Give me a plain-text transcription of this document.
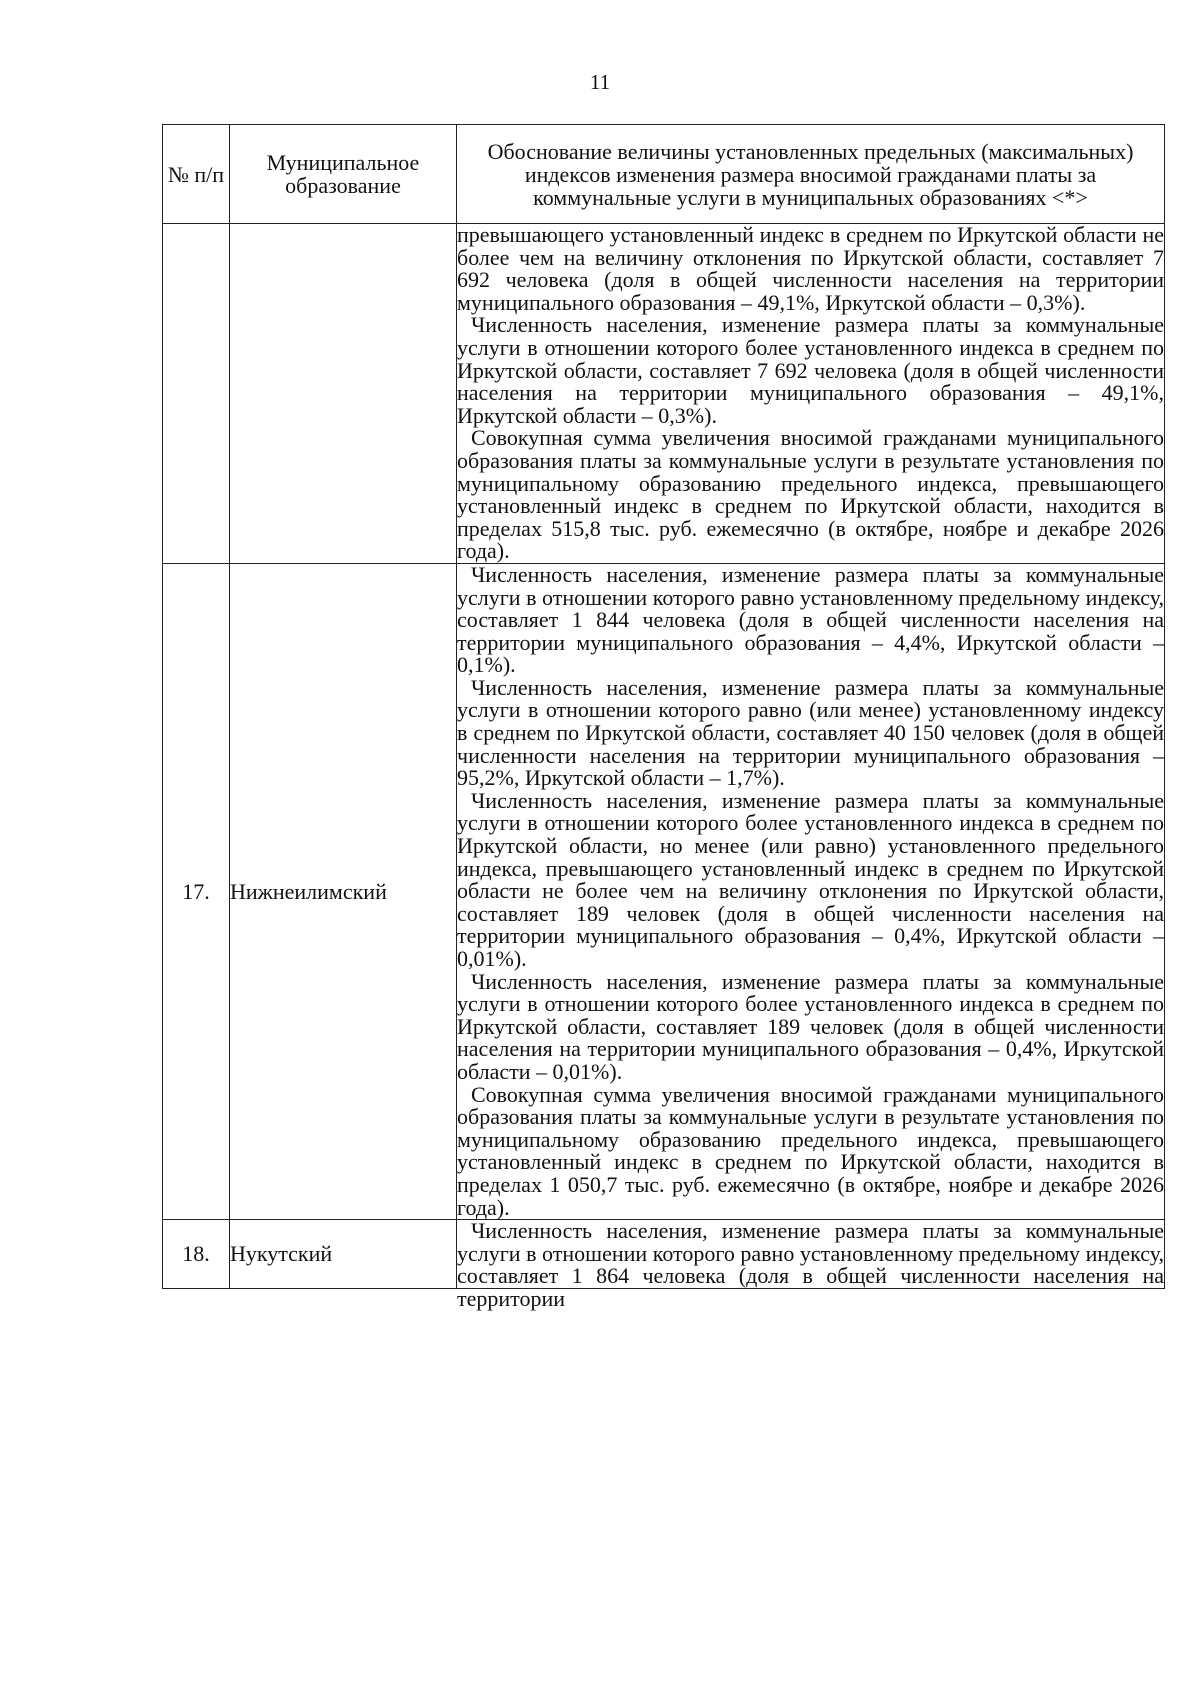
11
№ п/п	Муниципальное образование	Обоснование величины установленных предельных (максимальных) индексов изменения размера вносимой гражданами платы за коммунальные услуги в муниципальных образованиях <*>

		превышающего установленный индекс в среднем по Иркутской области не более чем на величину отклонения по Иркутской области, составляет 7 692 человека (доля в общей численности населения на территории муниципального образования – 49,1%, Иркутской области – 0,3%).

Численность населения, изменение размера платы за коммунальные услуги в отношении которого более установленного индекса в среднем по Иркутской области, составляет 7 692 человека (доля в общей численности населения на территории муниципального образования – 49,1%, Иркутской области – 0,3%).

Совокупная сумма увеличения вносимой гражданами муниципального образования платы за коммунальные услуги в результате установления по муниципальному образованию предельного индекса, превышающего установленный индекс в среднем по Иркутской области, находится в пределах 515,8 тыс. руб. ежемесячно (в октябре, ноябре и декабре 2026 года).

17.	Нижнеилимский	Численность населения, изменение размера платы за коммунальные услуги в отношении которого равно установленному предельному индексу, составляет 1 844 человека (доля в общей численности населения на территории муниципального образования – 4,4%, Иркутской области – 0,1%).

Численность населения, изменение размера платы за коммунальные услуги в отношении которого равно (или менее) установленному индексу в среднем по Иркутской области, составляет 40 150 человек (доля в общей численности населения на территории муниципального образования – 95,2%, Иркутской области – 1,7%).

Численность населения, изменение размера платы за коммунальные услуги в отношении которого более установленного индекса в среднем по Иркутской области, но менее (или равно) установленного предельного индекса, превышающего установленный индекс в среднем по Иркутской области не более чем на величину отклонения по Иркутской области, составляет 189 человек (доля в общей численности населения на территории муниципального образования – 0,4%, Иркутской области – 0,01%).

Численность населения, изменение размера платы за коммунальные услуги в отношении которого более установленного индекса в среднем по Иркутской области, составляет 189 человек (доля в общей численности населения на территории муниципального образования – 0,4%, Иркутской области – 0,01%).

Совокупная сумма увеличения вносимой гражданами муниципального образования платы за коммунальные услуги в результате установления по муниципальному образованию предельного индекса, превышающего установленный индекс в среднем по Иркутской области, находится в пределах 1 050,7 тыс. руб. ежемесячно (в октябре, ноябре и декабре 2026 года).

18.	Нукутский	Численность населения, изменение размера платы за коммунальные услуги в отношении которого равно установленному предельному индексу, составляет 1 864 человека (доля в общей численности населения на территории
